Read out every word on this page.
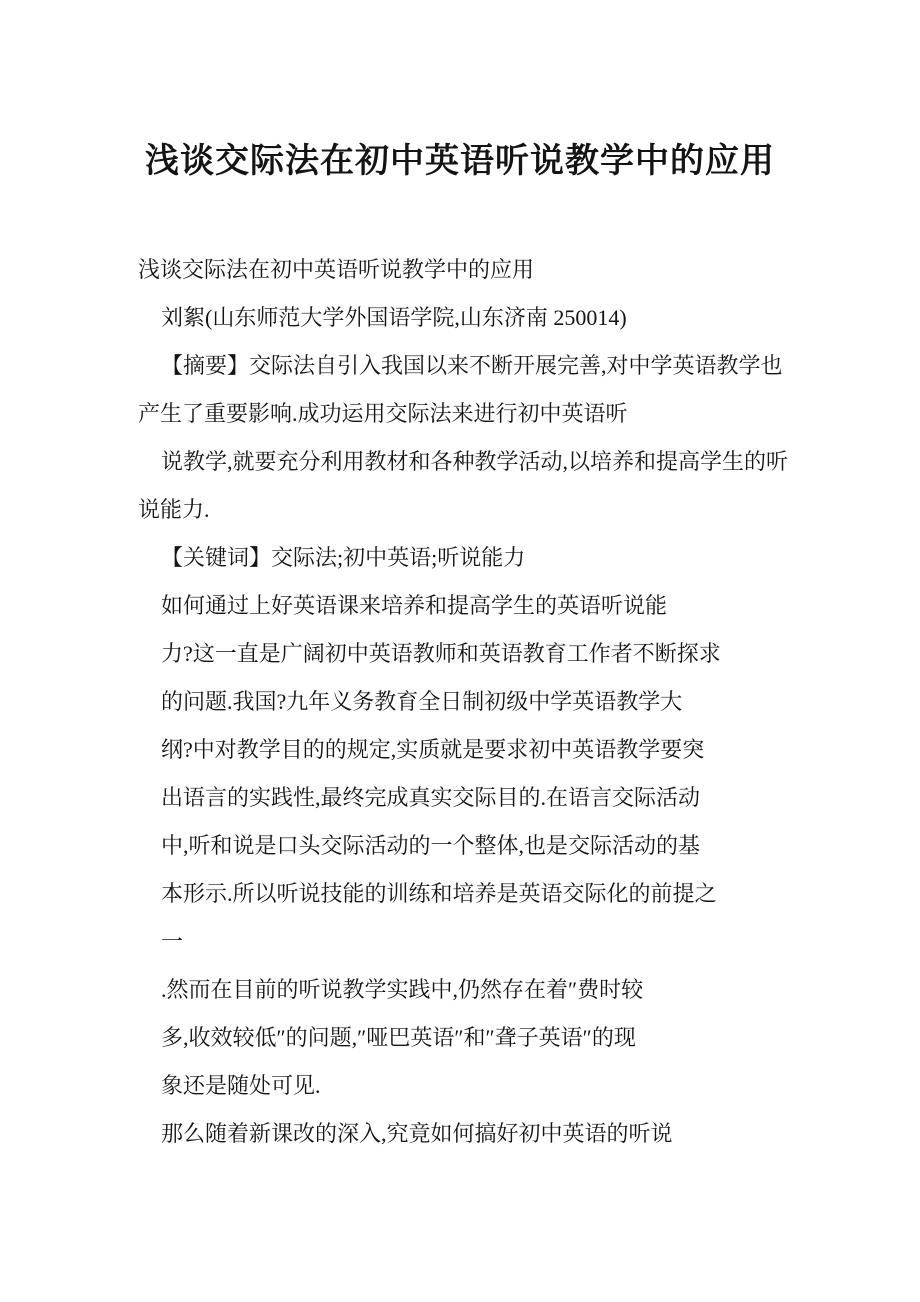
浅谈交际法在初中英语听说教学中的应用
浅谈交际法在初中英语听说教学中的应用
刘絮(山东师范大学外国语学院,山东济南 250014)
【摘要】交际法自引入我国以来不断开展完善,对中学英语教学也
产生了重要影响.成功运用交际法来进行初中英语听
说教学,就要充分利用教材和各种教学活动,以培养和提高学生的听
说能力.
【关键词】交际法;初中英语;听说能力
如何通过上好英语课来培养和提高学生的英语听说能
力?这一直是广阔初中英语教师和英语教育工作者不断探求
的问题.我国?九年义务教育全日制初级中学英语教学大
纲?中对教学目的的规定,实质就是要求初中英语教学要突
出语言的实践性,最终完成真实交际目的.在语言交际活动
中,听和说是口头交际活动的一个整体,也是交际活动的基
本形示.所以听说技能的训练和培养是英语交际化的前提之
一
.然而在目前的听说教学实践中,仍然存在着″费时较
多,收效较低″的问题,″哑巴英语″和″聋子英语″的现
象还是随处可见.
那么随着新课改的深入,究竟如何搞好初中英语的听说
